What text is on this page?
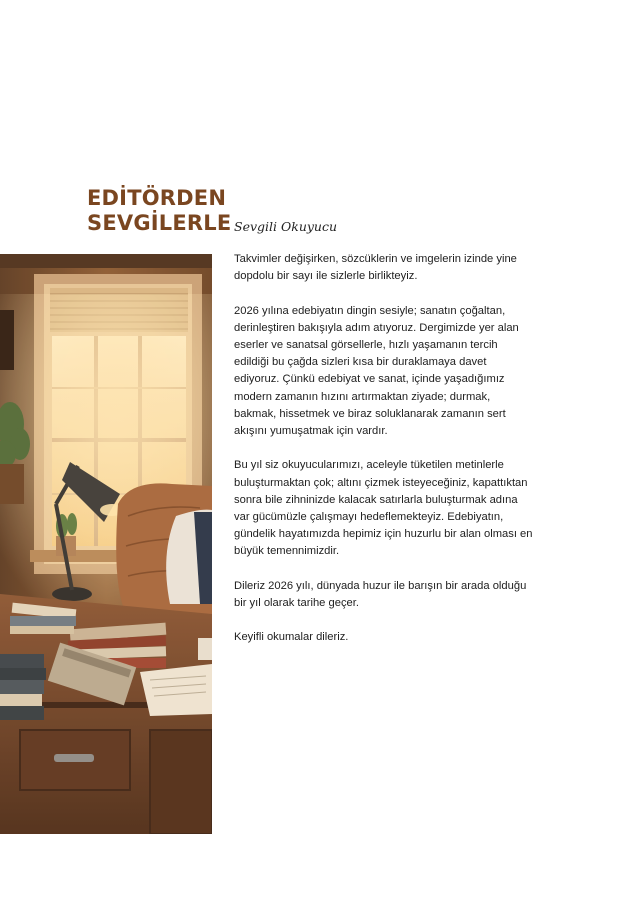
EDİTÖRDEN
SEVGİLERLE Sevgili Okuyucu

Takvimler değişirken, sözcüklerin ve imgelerin izinde yine dopdolu bir sayı ile sizlerle birlikteyiz.

2026 yılına edebiyatın dingin sesiyle; sanatın çoğaltan, derinleştiren bakışıyla adım atıyoruz. Dergimizde yer alan eserler ve sanatsal görsellerle, hızlı yaşamanın tercih edildiği bu çağda sizleri kısa bir duraklamaya davet ediyoruz. Çünkü edebiyat ve sanat, içinde yaşadığımız modern zamanın hızını artırmaktan ziyade; durmak, bakmak, hissetmek ve biraz soluklanarak zamanın sert akışını yumuşatmak için vardır.

Bu yıl siz okuyucularımızı, aceleyle tüketilen metinlerle buluşturmaktan çok; altını çizmek isteyeceğiniz, kapattıktan sonra bile zihninizde kalacak satırlarla buluşturmak adına var gücümüzle çalışmayı hedeflemekteyiz. Edebiyatın, gündelik hayatımızda hepimiz için huzurlu bir alan olması en büyük temennimizdir.

Dileriz 2026 yılı, dünyada huzur ile barışın bir arada olduğu bir yıl olarak tarihe geçer.

Keyifli okumalar dileriz.
